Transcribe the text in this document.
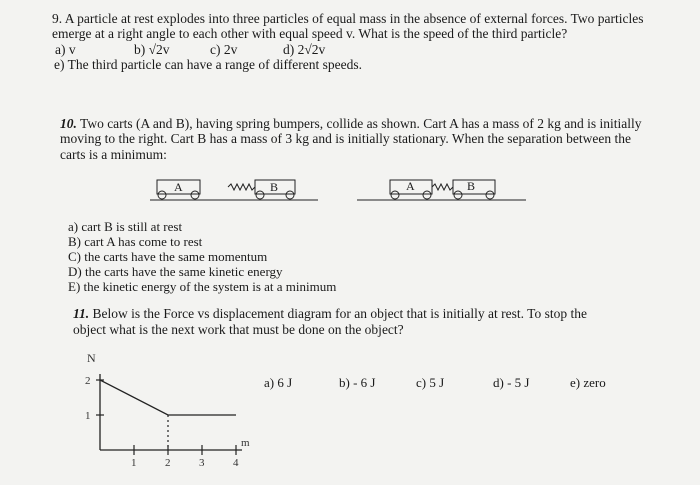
9. A particle at rest explodes into three particles of equal mass in the absence of external forces. Two particles
emerge at a right angle to each other with equal speed v. What is the speed of the third particle?
a) v	b) √2v	c) 2v	d) 2√2v
e) The third particle can have a range of different speeds.
10. Two carts (A and B), having spring bumpers, collide as shown. Cart A has a mass of 2 kg and is initially
moving to the right. Cart B has a mass of 3 kg and is initially stationary. When the separation between the
carts is a minimum:
A	B	A	B
a) cart B is still at rest
B) cart A has come to rest
C) the carts have the same momentum
D) the carts have the same kinetic energy
E) the kinetic energy of the system is at a minimum
11. Below is the Force vs displacement diagram for an object that is initially at rest. To stop the
object what is the next work that must be done on the object?
a) 6 J	b) - 6 J	c) 5 J	d) - 5 J	e) zero
1
2
1	2	3	4
N
m
